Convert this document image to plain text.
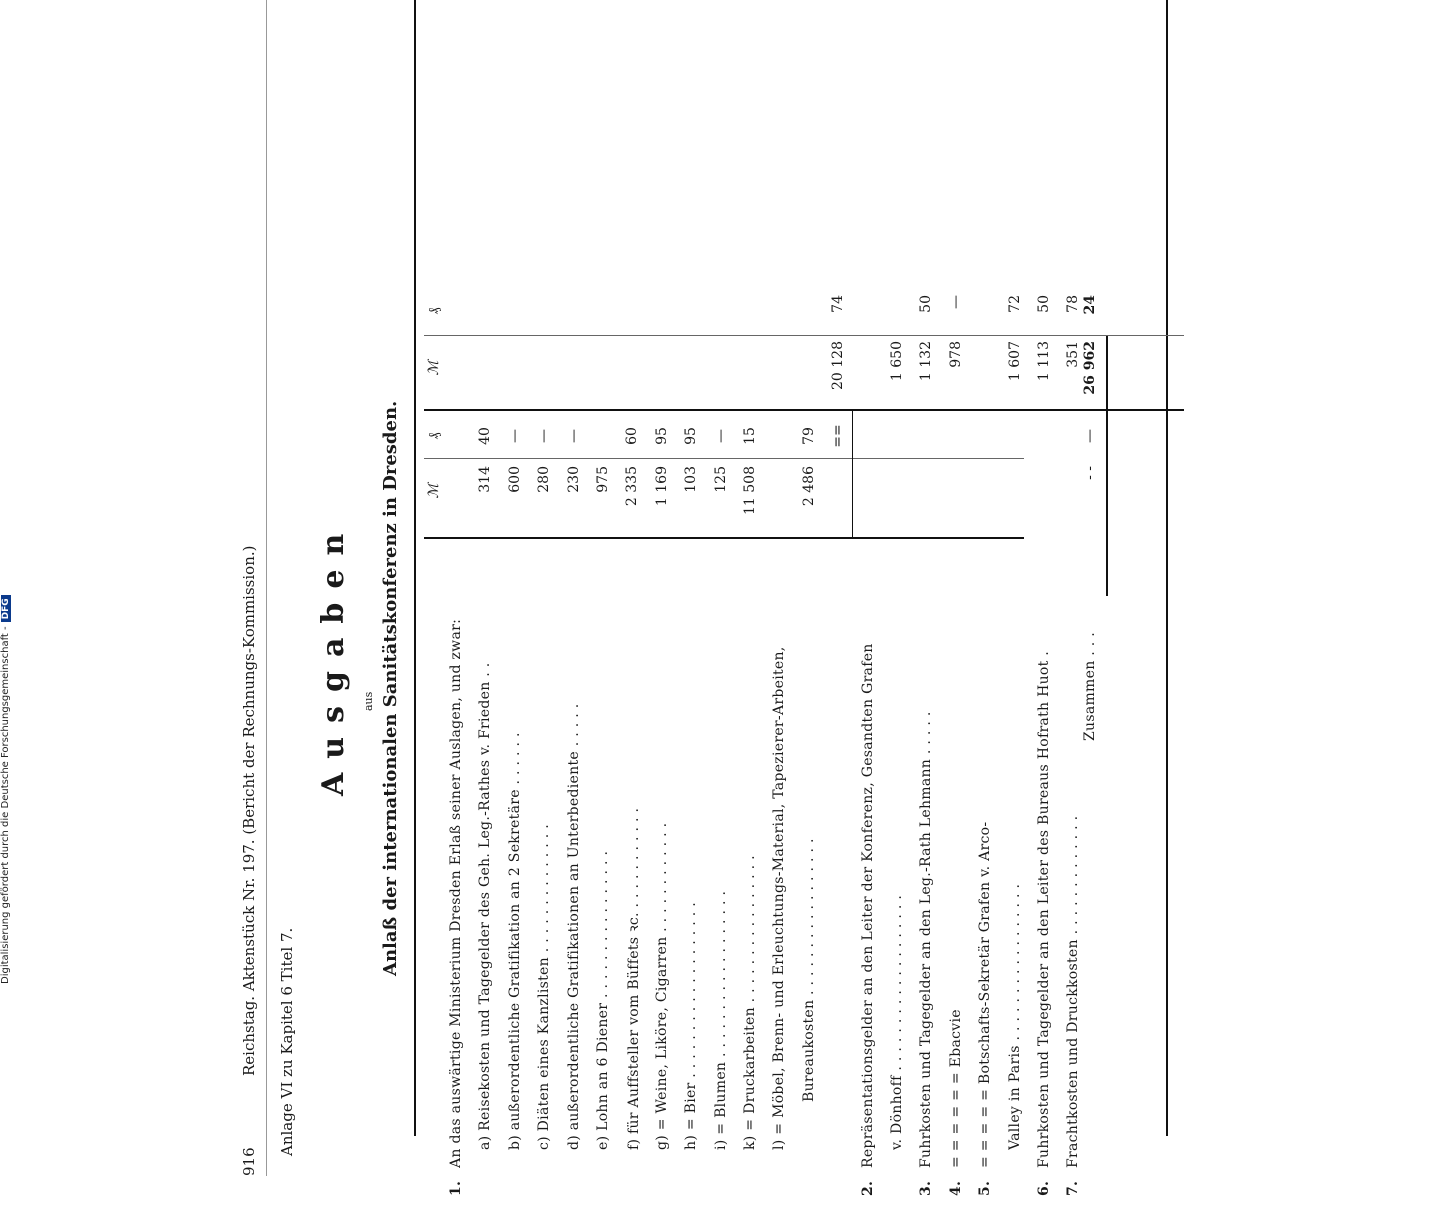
916
Reichstag. Aktenstück Nr. 197. (Bericht der Rechnungs-Kommission.) Anlage VI zu Kapitel 6 Titel 7.
Ausgaben aus Anlaß der internationalen Sanitätskonferenz in Dresden. ℳ
₰
ℳ
₰
1.
An das auswärtige Ministerium Dresden Erlaß seiner Auslagen, und zwar: a) Reisekosten und Tagegelder des Geh. Leg.-Rathes v. Frieden . .
314
40
b) außerordentliche Gratifikation an 2 Sekretäre . . . . . .
600
—
c) Diäten eines Kanzlisten . . . . . . . . . . . . . .
280
—
d) außerordentliche Gratifikationen an Unterbediente . . . . .
230
—
e) Lohn an 6 Diener . . . . . . . . . . . . . . . .
975
f) für Auffsteller vom Büffets ꝛc. . . . . . . . . . . .
2 335
60
g) = Weine, Liköre, Cigarren . . . . . . . . . . . .
1 169
95
h) = Bier . . . . . . . . . . . . . . . . . . .
103
95
i) = Blumen . . . . . . . . . . . . . . . . . .
125
—
k) = Druckarbeiten . . . . . . . . . . . . . . . .
11 508
15
l) = Möbel, Brenn- und Erleuchtungs-Material, Tapezierer-Arbeiten, Bureaukosten . . . . . . . . . . . . . . . . .
2 486
79 ==
20 128
74
2.
Repräsentationsgelder an den Leiter der Konferenz, Gesandten Grafen v. Dönhoff . . . . . . . . . . . . . . . . . . .
1 650
3.
Fuhrkosten und Tagegelder an den Leg.-Rath Lehmann . . . . .
1 132
50
4.
= = = = = = Ebacvie
978
—
5.
= = = = = Botschafts-Sekretär Grafen v. Arco- Valley in Paris . . . . . . . . . . . . . . . . .
1 607
72
6.
Fuhrkosten und Tagegelder an den Leiter des Bureaus Hofrath Huot .
1 113
50
7.
Frachtkosten und Druckkosten . . . . . . . . . . . . .
351
78
Zusammen . . .
- -
—
26 962
24
Digitalisierung gefördert durch die Deutsche Forschungsgemeinschaft -DFG
